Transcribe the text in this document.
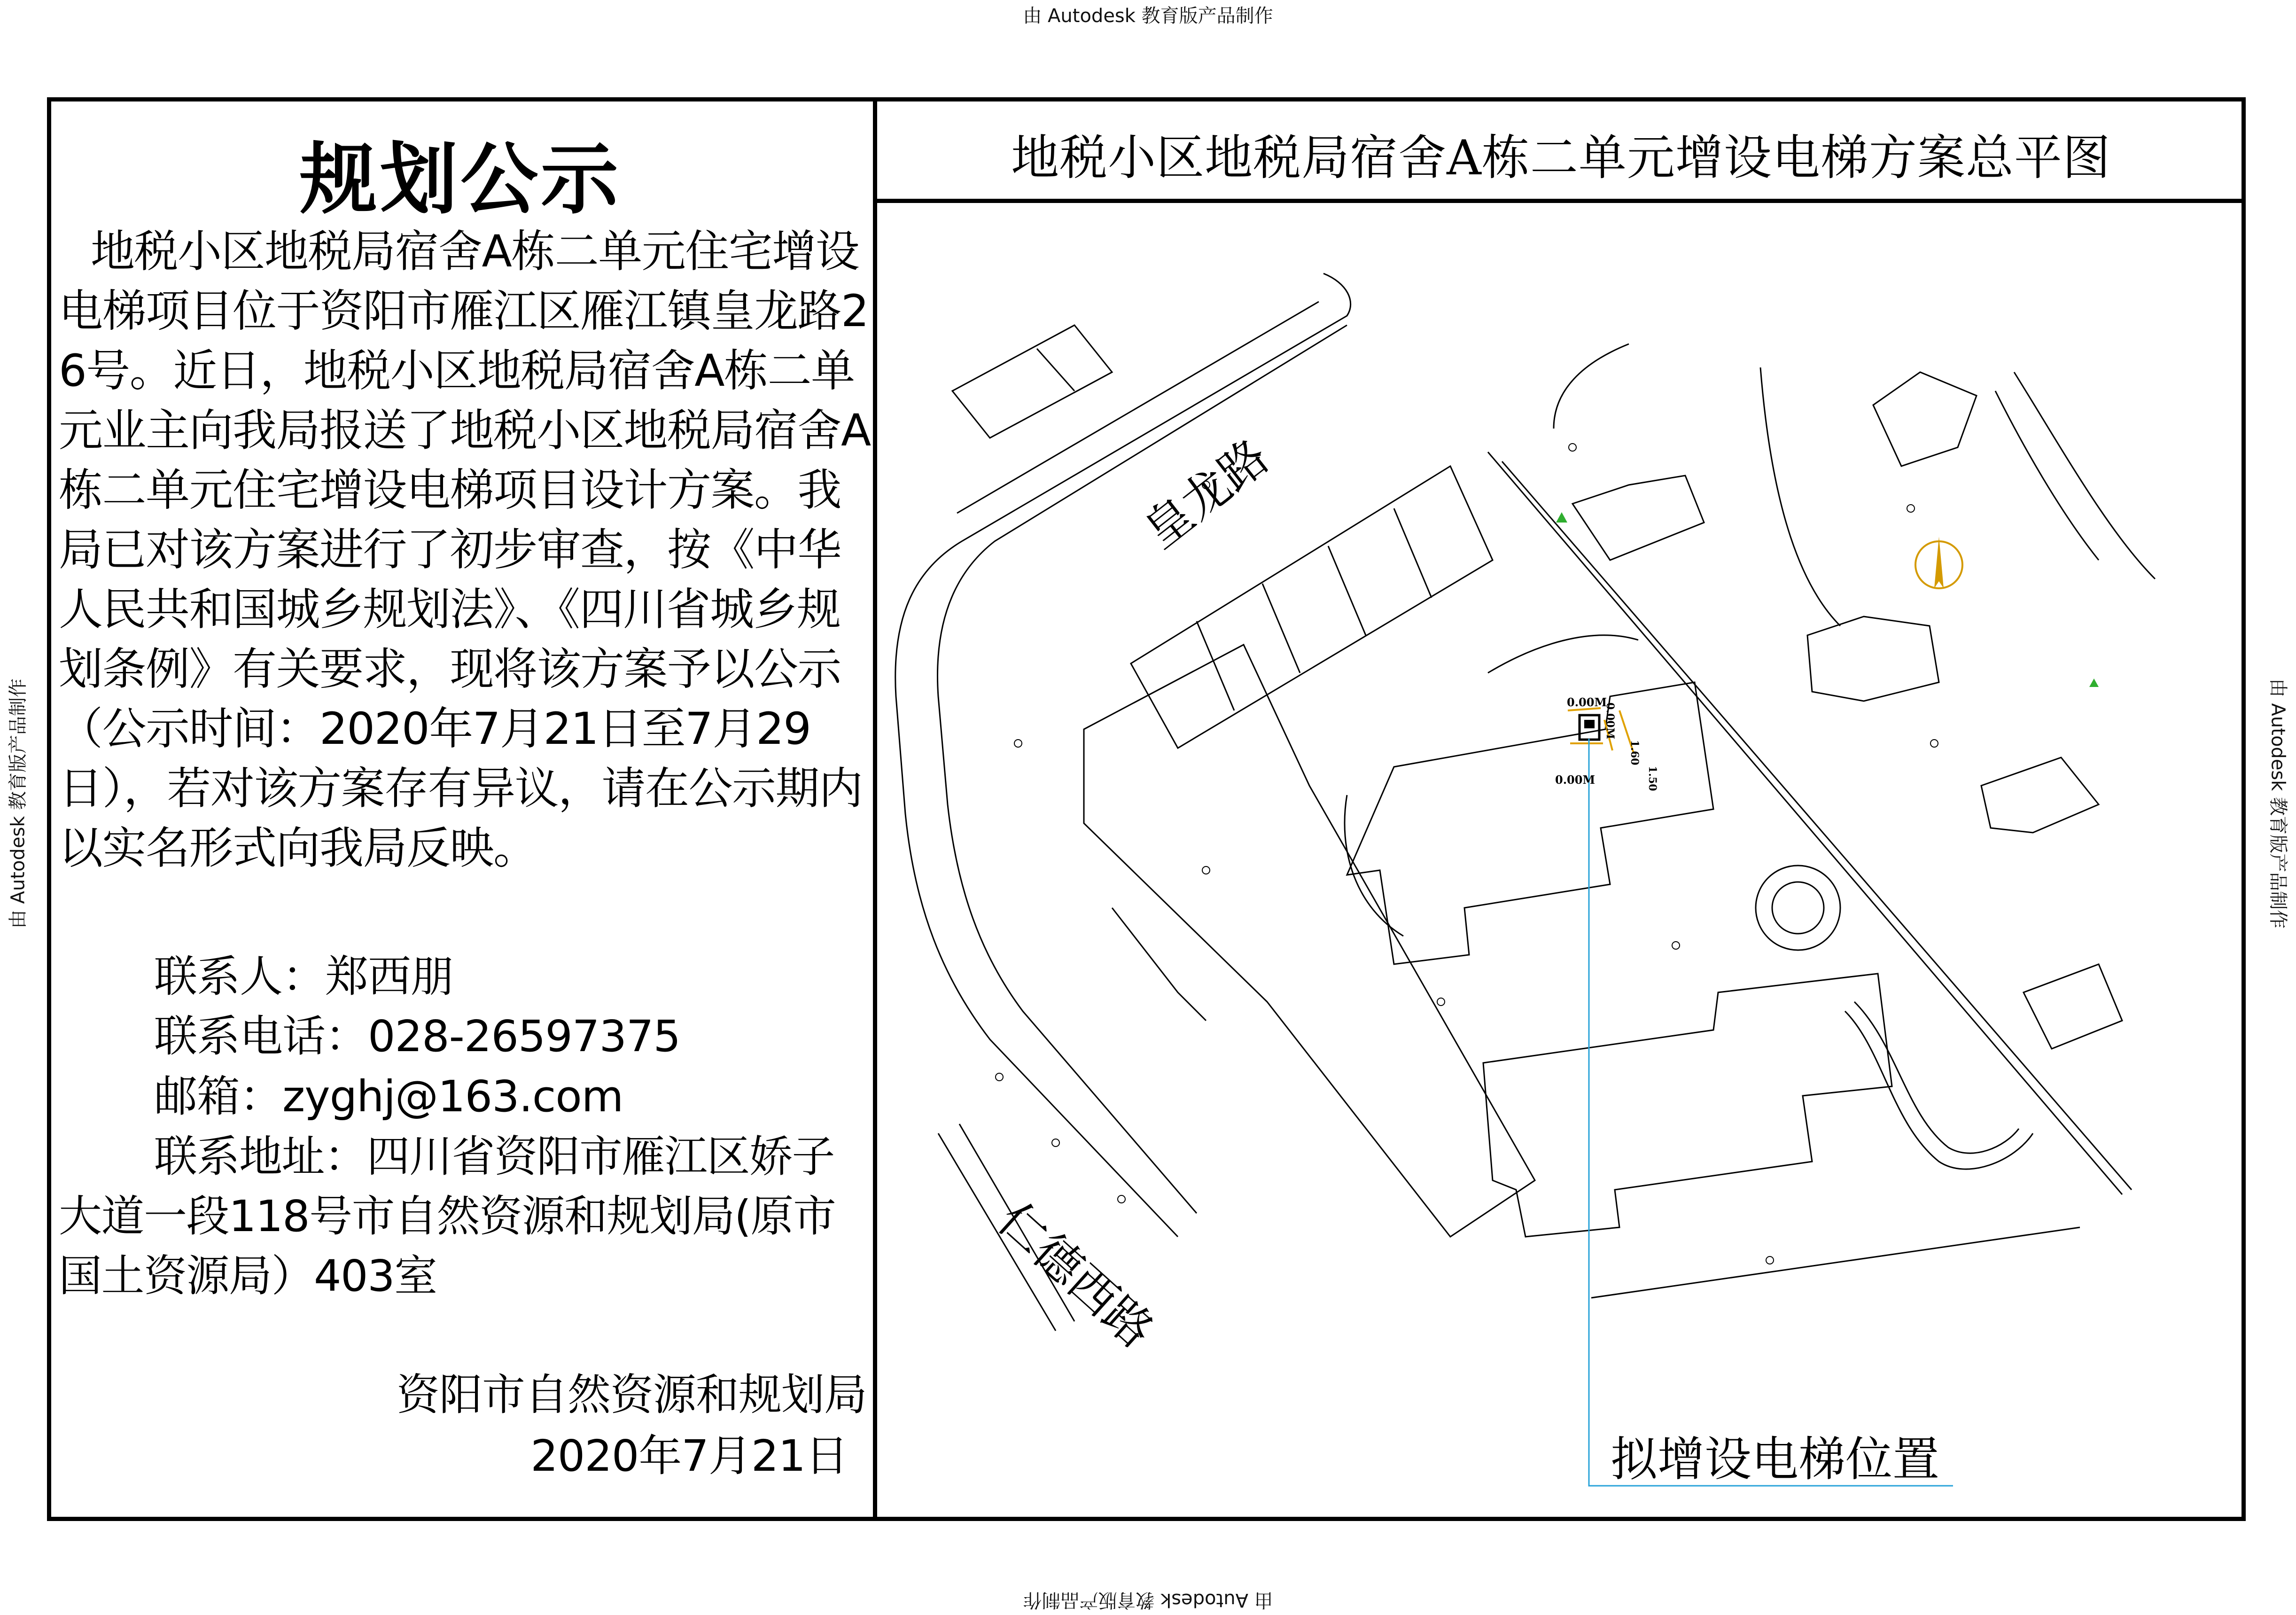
由 Autodesk 教育版产品制作
由 Autodesk 教育版产品制作
由 Autodesk 教育版产品制作	由 Autodesk 教育版产品制作
规划公示
地税小区地税局宿舍A栋二单元住宅增设电梯项目位于资阳市雁江区雁江镇皇龙路26号。近日，地税小区地税局宿舍A栋二单元业主向我局报送了地税小区地税局宿舍A栋二单元住宅增设电梯项目设计方案。我局已对该方案进行了初步审查，按《中华人民共和国城乡规划法》、《四川省城乡规划条例》有关要求，现将该方案予以公示 （公示时间：2020年7月21日至7月29日），若对该方案存有异议，请在公示期内以实名形式向我局反映。
联系人：郑西朋
联系电话：028-26597375
邮箱：zyghj@163.com
联系地址：四川省资阳市雁江区娇子大道一段118号市自然资源和规划局(原市国土资源局）403室
资阳市自然资源和规划局
2020年7月21日
地税小区地税局宿舍A栋二单元增设电梯方案总平图
皇龙路
仁德西路
拟增设电梯位置
0.00M
0.00M
0.00M
1.60
1.50
